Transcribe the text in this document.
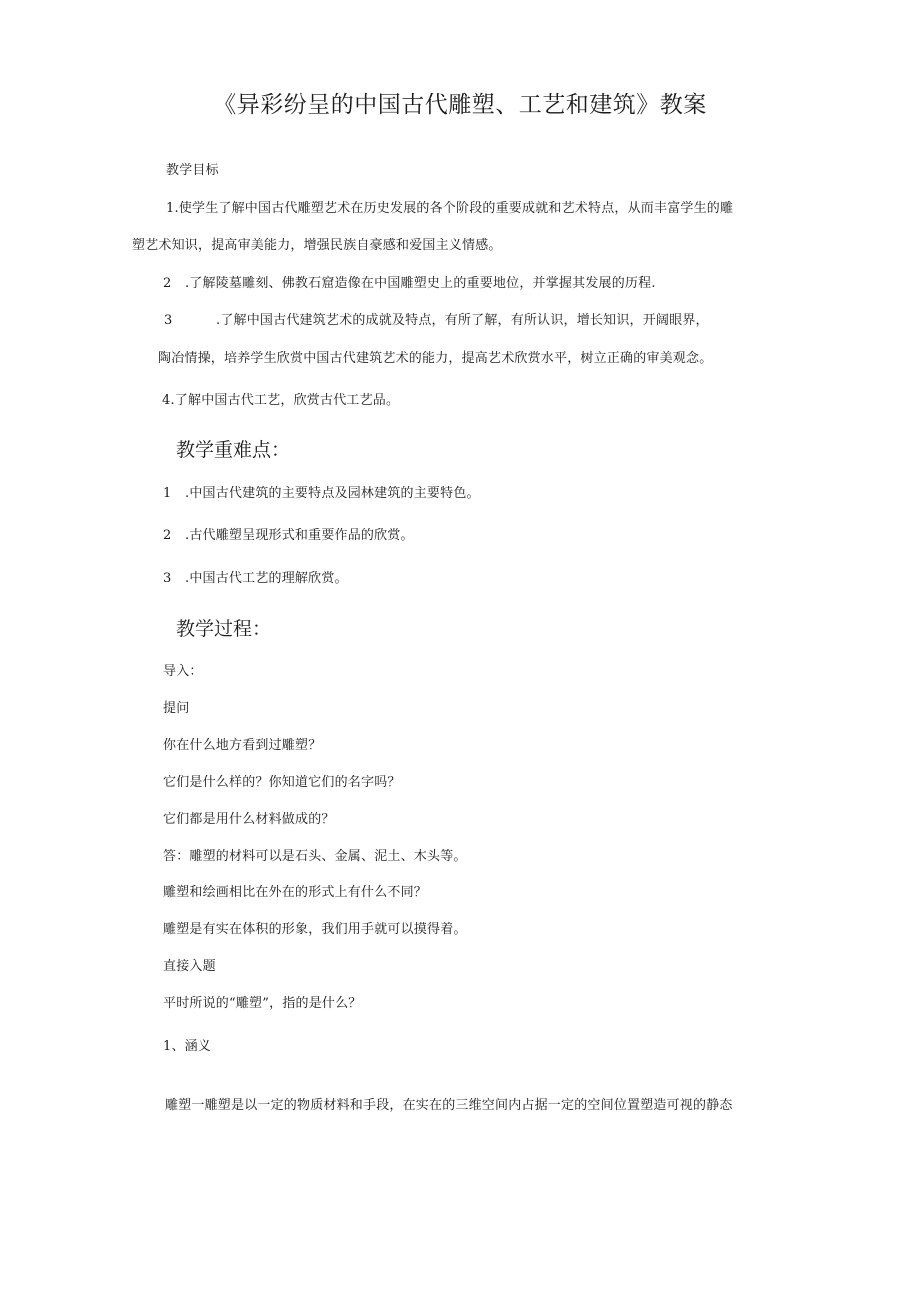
《异彩纷呈的中国古代雕塑、工艺和建筑》教案
教学目标
1.使学生了解中国古代雕塑艺术在历史发展的各个阶段的重要成就和艺术特点，从而丰富学生的雕
塑艺术知识，提高审美能力，增强民族自豪感和爱国主义情感。
2 .了解陵墓雕刻、佛教石窟造像在中国雕塑史上的重要地位，并掌握其发展的历程.
3	.了解中国古代建筑艺术的成就及特点，有所了解，有所认识，增长知识，开阔眼界，
陶冶情操，培养学生欣赏中国古代建筑艺术的能力，提高艺术欣赏水平，树立正确的审美观念。
4.了解中国古代工艺，欣赏古代工艺品。
教学重难点：
1 .中国古代建筑的主要特点及园林建筑的主要特色。
2 .古代雕塑呈现形式和重要作品的欣赏。
3 .中国古代工艺的理解欣赏。
教学过程：
导入：
提问
你在什么地方看到过雕塑？
它们是什么样的？你知道它们的名字吗？
它们都是用什么材料做成的？
答：雕塑的材料可以是石头、金属、泥土、木头等。
雕塑和绘画相比在外在的形式上有什么不同？
雕塑是有实在体积的形象，我们用手就可以摸得着。
直接入题
平时所说的“雕塑”，指的是什么？
1、涵义
雕塑一雕塑是以一定的物质材料和手段，在实在的三维空间内占据一定的空间位置塑造可视的静态
